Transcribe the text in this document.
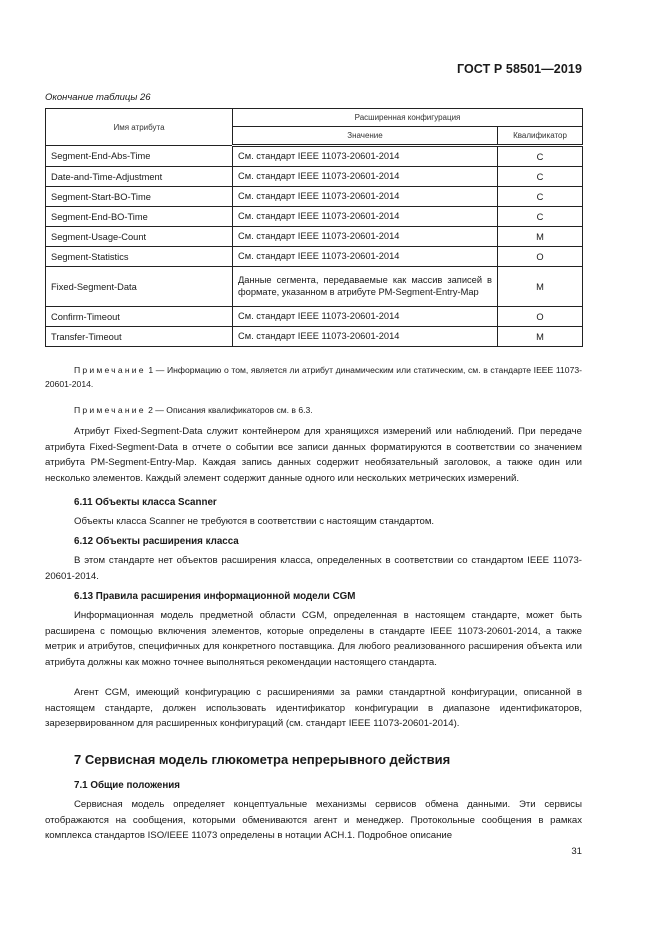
ГОСТ Р 58501—2019
Окончание таблицы 26
Имя атрибута	Расширенная конфигурация	
	Значение	Квалификатор
Segment-End-Abs-Time	См. стандарт IEEE 11073-20601-2014	C
Date-and-Time-Adjustment	См. стандарт IEEE 11073-20601-2014	C
Segment-Start-BO-Time	См. стандарт IEEE 11073-20601-2014	C
Segment-End-BO-Time	См. стандарт IEEE 11073-20601-2014	C
Segment-Usage-Count	См. стандарт IEEE 11073-20601-2014	M
Segment-Statistics	См. стандарт IEEE 11073-20601-2014	O
Fixed-Segment-Data	Данные сегмента, передаваемые как массив записей в формате, указанном в атрибуте PM-Segment-Entry-Map	M
Confirm-Timeout	См. стандарт IEEE 11073-20601-2014	O
Transfer-Timeout	См. стандарт IEEE 11073-20601-2014	M
Примечание 1 — Информацию о том, является ли атрибут динамическим или статическим, см. в стандарте IEEE 11073-20601-2014.
Примечание 2 — Описания квалификаторов см. в 6.3.
Атрибут Fixed-Segment-Data служит контейнером для хранящихся измерений или наблюдений. При передаче атрибута Fixed-Segment-Data в отчете о событии все записи данных форматируются в соответствии со значением атрибута PM-Segment-Entry-Map. Каждая запись данных содержит необязательный заголовок, а также один или несколько элементов. Каждый элемент содержит данные одного или нескольких метрических измерений.
6.11 Объекты класса Scanner
Объекты класса Scanner не требуются в соответствии с настоящим стандартом.
6.12 Объекты расширения класса
В этом стандарте нет объектов расширения класса, определенных в соответствии со стандартом IEEE 11073-20601-2014.
6.13 Правила расширения информационной модели CGM
Информационная модель предметной области CGM, определенная в настоящем стандарте, может быть расширена с помощью включения элементов, которые определены в стандарте IEEE 11073-20601-2014, а также метрик и атрибутов, специфичных для конкретного поставщика. Для любого реализованного расширения объекта или атрибута должны как можно точнее выполняться рекомендации настоящего стандарта.
Агент CGM, имеющий конфигурацию с расширениями за рамки стандартной конфигурации, описанной в настоящем стандарте, должен использовать идентификатор конфигурации в диапазоне идентификаторов, зарезервированном для расширенных конфигураций (см. стандарт IEEE 11073-20601-2014).
7 Сервисная модель глюкометра непрерывного действия
7.1 Общие положения
Сервисная модель определяет концептуальные механизмы сервисов обмена данными. Эти сервисы отображаются на сообщения, которыми обмениваются агент и менеджер. Протокольные сообщения в рамках комплекса стандартов ISO/IEEE 11073 определены в нотации ACH.1. Подробное описание
31
